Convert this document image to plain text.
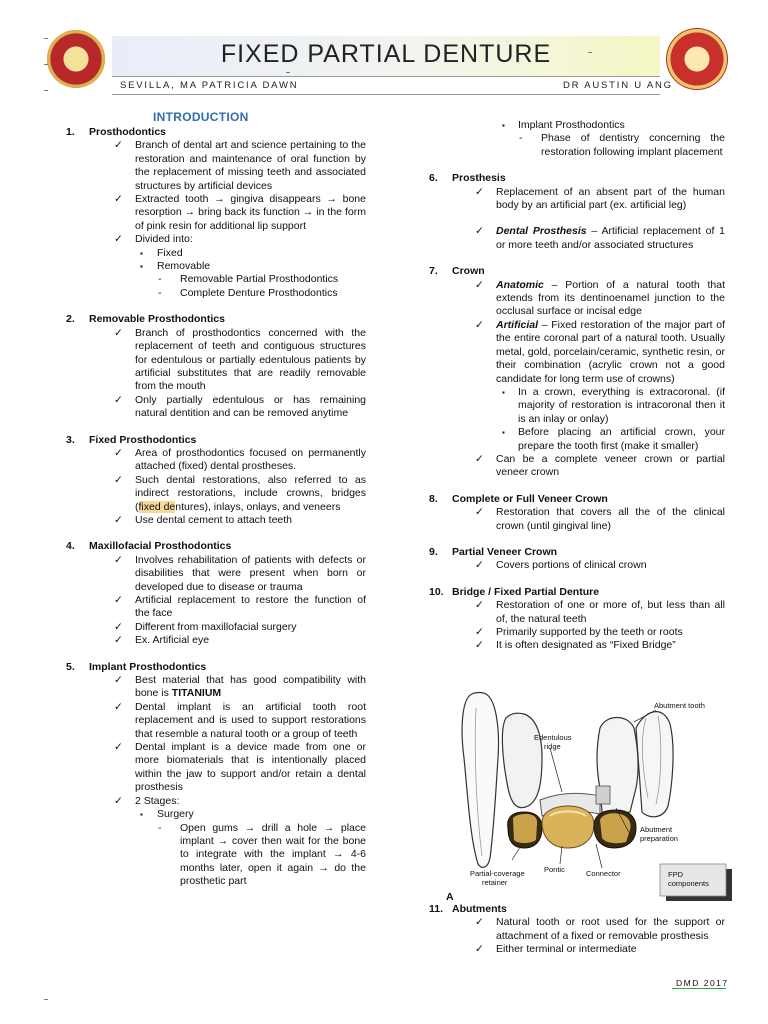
FIXED PARTIAL DENTURE
SEVILLA, MA PATRICIA DAWN	DR AUSTIN U ANG
INTRODUCTION
1. Prosthodontics
✓ Branch of dental art and science pertaining to the restoration and maintenance of oral function by the replacement of missing teeth and associated structures by artificial devices
✓ Extracted tooth → gingiva disappears → bone resorption → bring back its function → in the form of pink resin for additional lip support
✓ Divided into:
▪ Fixed
▪ Removable
- Removable Partial Prosthodontics
- Complete Denture Prosthodontics
2. Removable Prosthodontics
✓ Branch of prosthodontics concerned with the replacement of teeth and contiguous structures for edentulous or partially edentulous patients by artificial substitutes that are readily removable from the mouth
✓ Only partially edentulous or has remaining natural dentition and can be removed anytime
3. Fixed Prosthodontics
✓ Area of prosthodontics focused on permanently attached (fixed) dental prostheses.
✓ Such dental restorations, also referred to as indirect restorations, include crowns, bridges (fixed dentures), inlays, onlays, and veneers
✓ Use dental cement to attach teeth
4. Maxillofacial Prosthodontics
✓ Involves rehabilitation of patients with defects or disabilities that were present when born or developed due to disease or trauma
✓ Artificial replacement to restore the function of the face
✓ Different from maxillofacial surgery
✓ Ex. Artificial eye
5. Implant Prosthodontics
✓ Best material that has good compatibility with bone is TITANIUM
✓ Dental implant is an artificial tooth root replacement and is used to support restorations that resemble a natural tooth or a group of teeth
✓ Dental implant is a device made from one or more biomaterials that is intentionally placed within the jaw to support and/or retain a dental prosthesis
✓ 2 Stages:
▪ Surgery
- Open gums → drill a hole → place implant → cover then wait for the bone to integrate with the implant → 4-6 months later, open it again → do the prosthetic part
▪ Implant Prosthodontics
- Phase of dentistry concerning the restoration following implant placement
6. Prosthesis
✓ Replacement of an absent part of the human body by an artificial part (ex. artificial leg)
✓ Dental Prosthesis – Artificial replacement of 1 or more teeth and/or associated structures
7. Crown
✓ Anatomic – Portion of a natural tooth that extends from its dentinoenamel junction to the occlusal surface or incisal edge
✓ Artificial – Fixed restoration of the major part of the entire coronal part of a natural tooth. Usually metal, gold, porcelain/ceramic, synthetic resin, or their combination (acrylic crown not a good candidate for long term use of crowns)
▪ In a crown, everything is extracoronal. (if majority of restoration is intracoronal then it is an inlay or onlay)
▪ Before placing an artificial crown, your prepare the tooth first (make it smaller)
✓ Can be a complete veneer crown or partial veneer crown
8. Complete or Full Veneer Crown
✓ Restoration that covers all the of the clinical crown (until gingival line)
9. Partial Veneer Crown
✓ Covers portions of clinical crown
10. Bridge / Fixed Partial Denture
✓ Restoration of one or more of, but less than all of, the natural teeth
✓ Primarily supported by the teeth or roots
✓ It is often designated as “Fixed Bridge”
Abutment tooth
Edentulous
ridge
Abutment
preparation
Partial-coverage
retainer
Pontic	Connector	FPD
components
A
11. Abutments
✓ Natural tooth or root used for the support or attachment of a fixed or removable prosthesis
✓ Either terminal or intermediate
DMD 2017
